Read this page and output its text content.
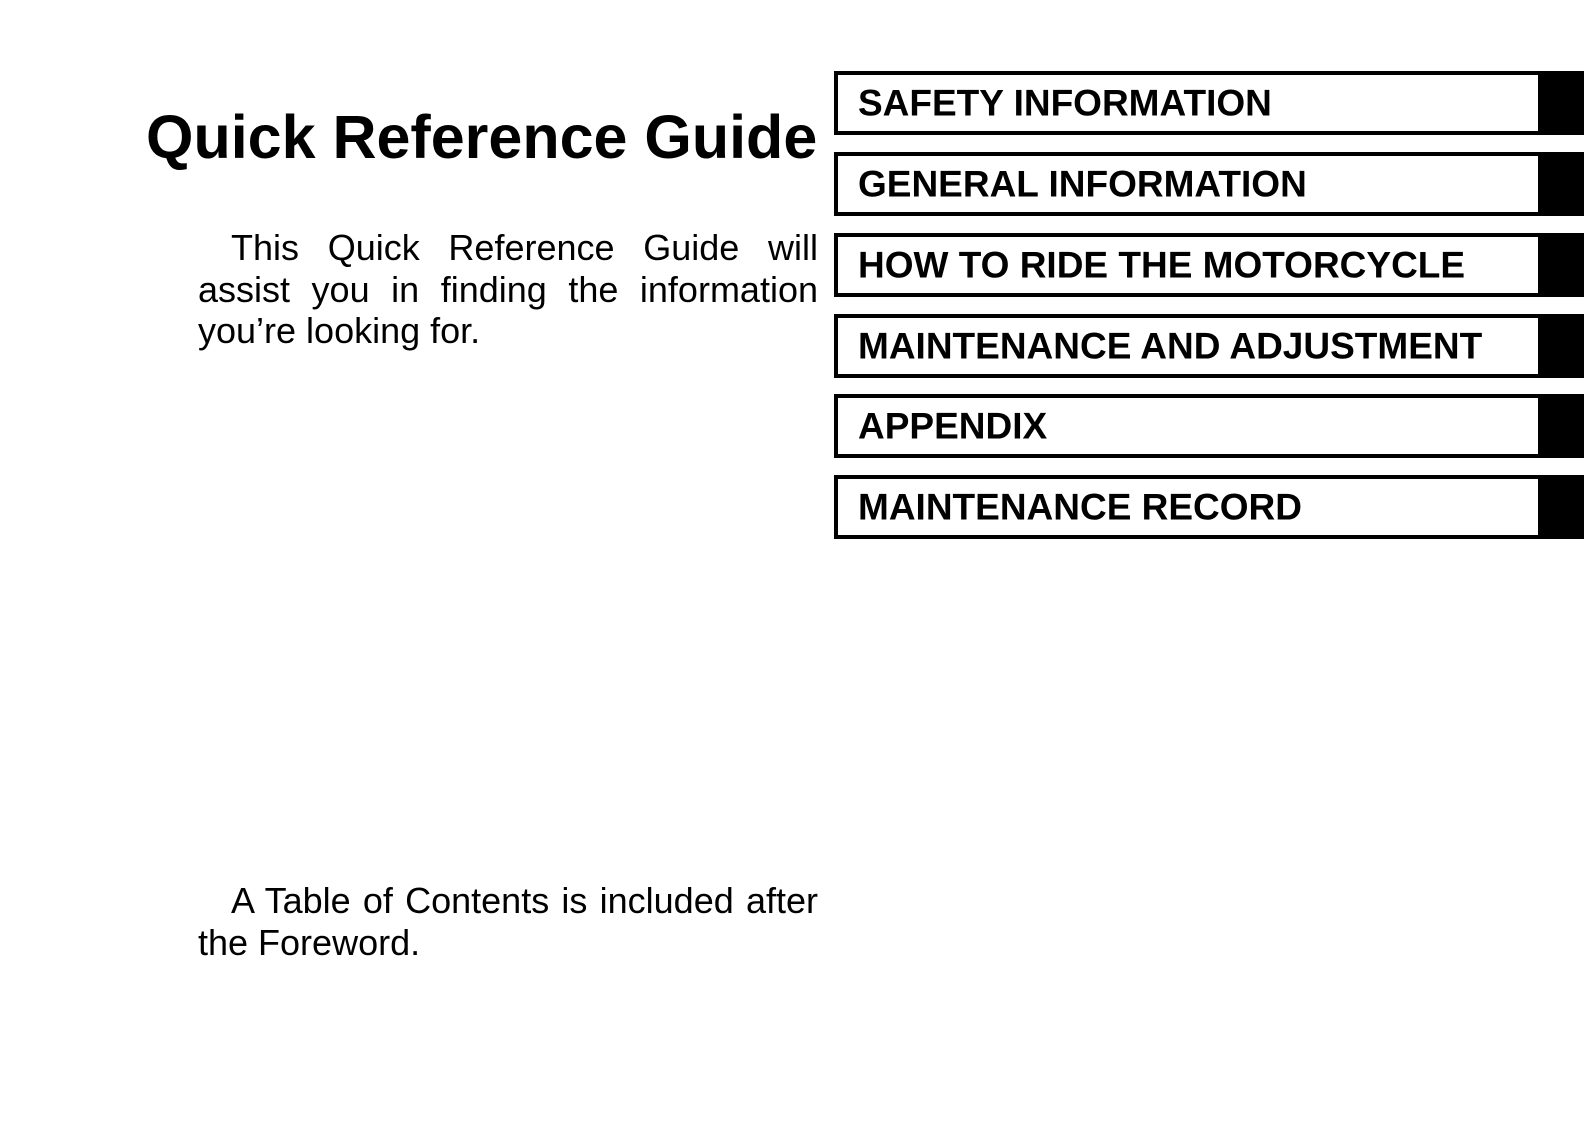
Quick Reference Guide

This Quick Reference Guide will assist you in finding the information you’re looking for.

A Table of Contents is included after the Foreword.

SAFETY INFORMATION
GENERAL INFORMATION
HOW TO RIDE THE MOTORCYCLE
MAINTENANCE AND ADJUSTMENT
APPENDIX
MAINTENANCE RECORD
